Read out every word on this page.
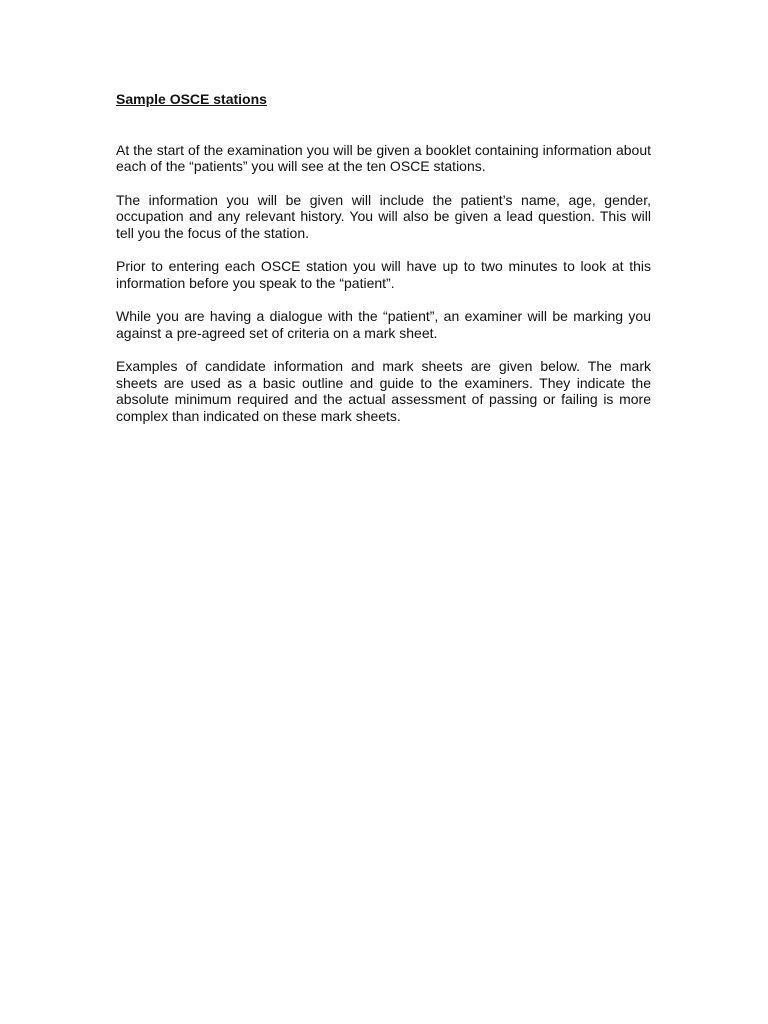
Sample OSCE stations

At the start of the examination you will be given a booklet containing information about each of the “patients” you will see at the ten OSCE stations.

The information you will be given will include the patient’s name, age, gender, occupation and any relevant history. You will also be given a lead question. This will tell you the focus of the station.

Prior to entering each OSCE station you will have up to two minutes to look at this information before you speak to the “patient”.

While you are having a dialogue with the “patient”, an examiner will be marking you against a pre-agreed set of criteria on a mark sheet.

Examples of candidate information and mark sheets are given below. The mark sheets are used as a basic outline and guide to the examiners. They indicate the absolute minimum required and the actual assessment of passing or failing is more complex than indicated on these mark sheets.
